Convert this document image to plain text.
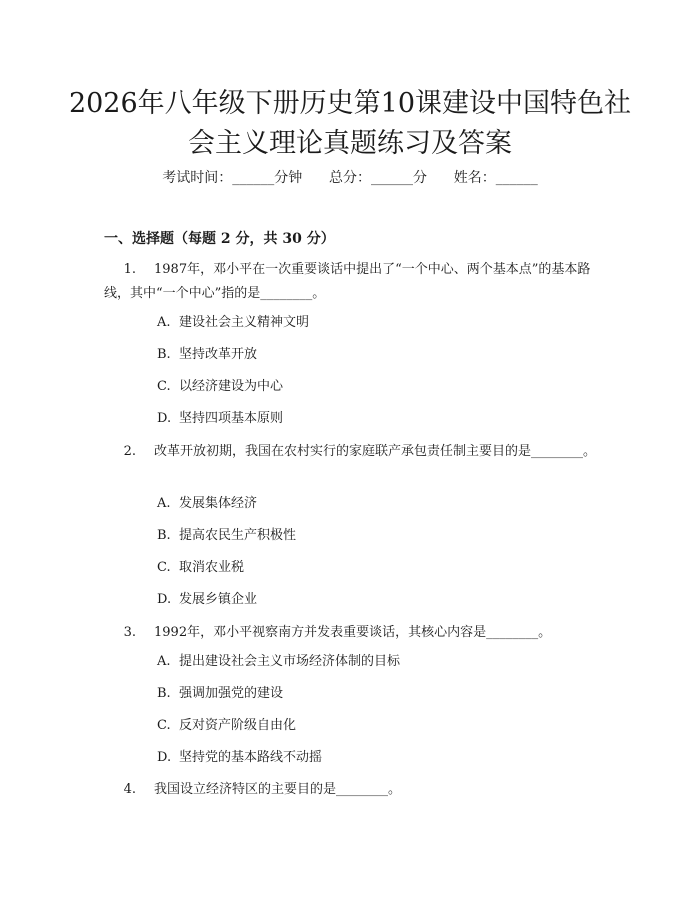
2026年八年级下册历史第10课建设中国特色社会主义理论真题练习及答案
考试时间：______分钟      总分：______分      姓名：______
一、选择题（每题 2 分，共 30 分）
1. 1987年，邓小平在一次重要谈话中提出了“一个中心、两个基本点”的基本路线，其中“一个中心”指的是________。
A. 建设社会主义精神文明
B. 坚持改革开放
C. 以经济建设为中心
D. 坚持四项基本原则
2. 改革开放初期，我国在农村实行的家庭联产承包责任制主要目的是________。
A. 发展集体经济
B. 提高农民生产积极性
C. 取消农业税
D. 发展乡镇企业
3. 1992年，邓小平视察南方并发表重要谈话，其核心内容是________。
A. 提出建设社会主义市场经济体制的目标
B. 强调加强党的建设
C. 反对资产阶级自由化
D. 坚持党的基本路线不动摇
4. 我国设立经济特区的主要目的是________。
